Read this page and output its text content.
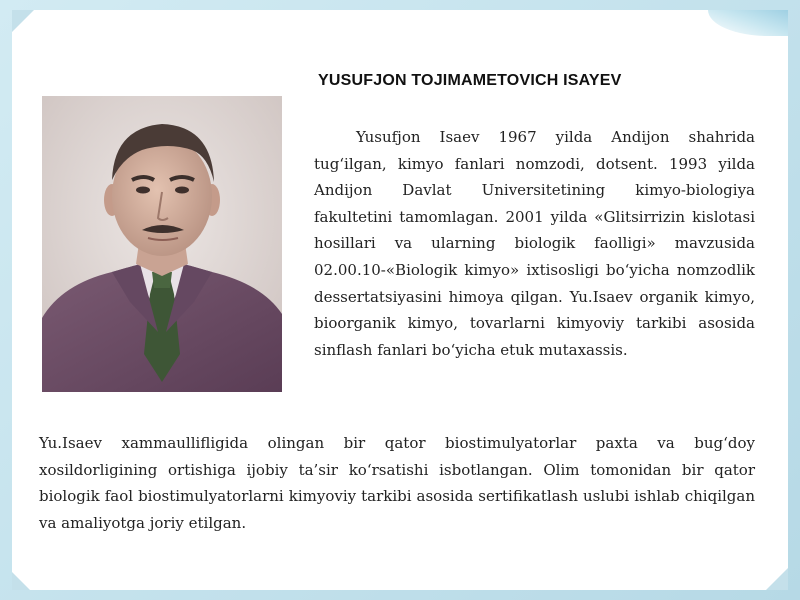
YUSUFJON TOJIMAMETOVICH ISAYEV

Yusufjon Isaev 1967 yilda Andijon shahrida tug‘ilgan, kimyo fanlari nomzodi, dotsent. 1993 yilda Andijon Davlat Universitetining kimyo-biologiya fakultetini tamomlagan. 2001 yilda «Glitsirrizin kislotasi hosillari va ularning biologik faolligi» mavzusida 02.00.10-«Biologik kimyo» ixtisosligi bo‘yicha nomzodlik dessertatsiyasini himoya qilgan. Yu.Isaev organik kimyo, bioorganik kimyo, tovarlarni kimyoviy tarkibi asosida sinflash fanlari bo‘yicha etuk mutaxassis.

Yu.Isaev xammaullifligida olingan bir qator biostimulyatorlar paxta va bug‘doy xosildorligining ortishiga ijobiy ta’sir ko‘rsatishi isbotlangan. Olim tomonidan bir qator biologik faol biostimulyatorlarni kimyoviy tarkibi asosida sertifikatlash uslubi ishlab chiqilgan va amaliyotga joriy etilgan.
